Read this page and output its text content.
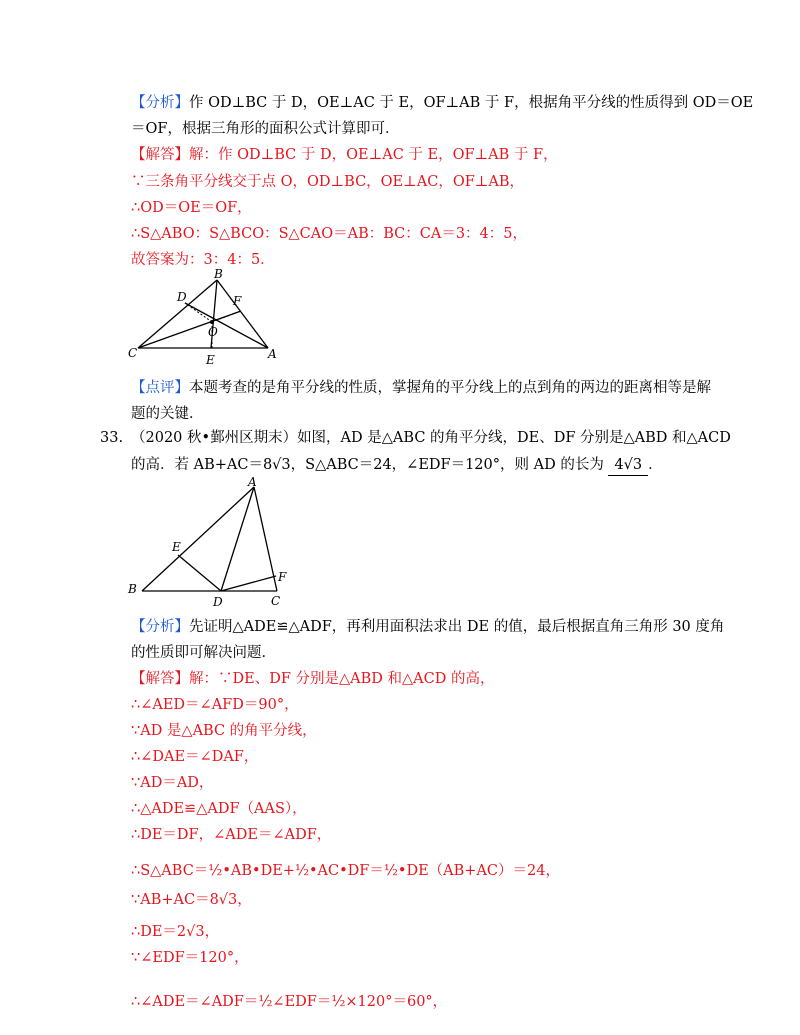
【分析】作 OD⊥BC 于 D，OE⊥AC 于 E，OF⊥AB 于 F，根据角平分线的性质得到 OD＝OE
＝OF，根据三角形的面积公式计算即可．
【解答】解：作 OD⊥BC 于 D，OE⊥AC 于 E，OF⊥AB 于 F，
∵三条角平分线交于点 O，OD⊥BC，OE⊥AC，OF⊥AB，
∴OD＝OE＝OF，
∴S△ABO：S△BCO：S△CAO＝AB：BC：CA＝3：4：5，
故答案为：3：4：5．
B
D	F
O
C	E	A
【点评】本题考查的是角平分线的性质，掌握角的平分线上的点到角的两边的距离相等是解
题的关键．
33. （2020 秋•鄞州区期末）如图，AD 是△ABC 的角平分线，DE、DF 分别是△ABD 和△ACD
的高．若 AB+AC＝8√3，S△ABC＝24，∠EDF＝120°，则 AD 的长为 4√3 ．
A
E
F
B
D	C
【分析】先证明△ADE≌△ADF，再利用面积法求出 DE 的值，最后根据直角三角形 30 度角
的性质即可解决问题．
【解答】解：∵DE、DF 分别是△ABD 和△ACD 的高，
∴∠AED＝∠AFD＝90°，
∵AD 是△ABC 的角平分线，
∴∠DAE＝∠DAF，
∵AD＝AD，
∴△ADE≌△ADF（AAS），
∴DE＝DF，∠ADE＝∠ADF，
∴S△ABC＝½•AB•DE+½•AC•DF＝½•DE（AB+AC）＝24，
∵AB+AC＝8√3，
∴DE＝2√3，
∵∠EDF＝120°，
∴∠ADE＝∠ADF＝½∠EDF＝½×120°＝60°，
